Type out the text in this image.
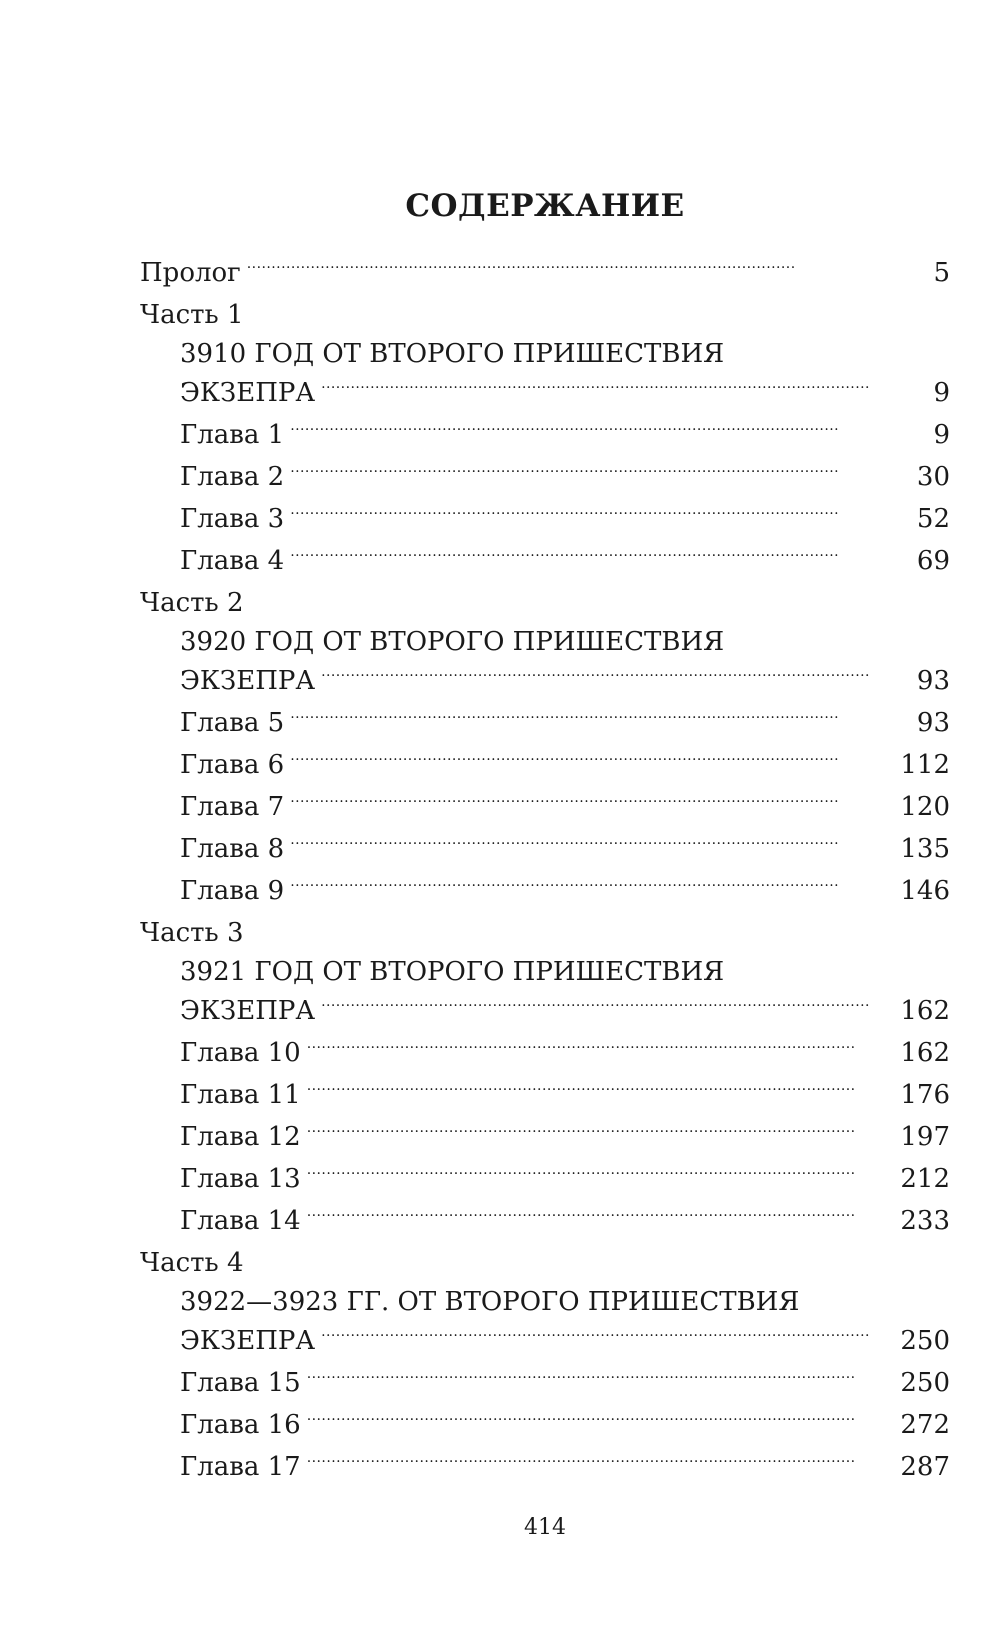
СОДЕРЖАНИЕ
Пролог . . .	5
Часть 1
3910 ГОД ОТ ВТОРОГО ПРИШЕСТВИЯ
ЭКЗЕПРА . . .	9
Глава 1 . . .	9
Глава 2 . . .	30
Глава 3 . . .	52
Глава 4 . . .	69
Часть 2
3920 ГОД ОТ ВТОРОГО ПРИШЕСТВИЯ
ЭКЗЕПРА . . .	93
Глава 5 . . .	93
Глава 6 . . .	112
Глава 7 . . .	120
Глава 8 . . .	135
Глава 9 . . .	146
Часть 3
3921 ГОД ОТ ВТОРОГО ПРИШЕСТВИЯ
ЭКЗЕПРА . . .	162
Глава 10 . . .	162
Глава 11 . . .	176
Глава 12 . . .	197
Глава 13 . . .	212
Глава 14 . . .	233
Часть 4
3922—3923 ГГ. ОТ ВТОРОГО ПРИШЕСТВИЯ
ЭКЗЕПРА . . .	250
Глава 15 . . .	250
Глава 16 . . .	272
Глава 17 . . .	287
414
